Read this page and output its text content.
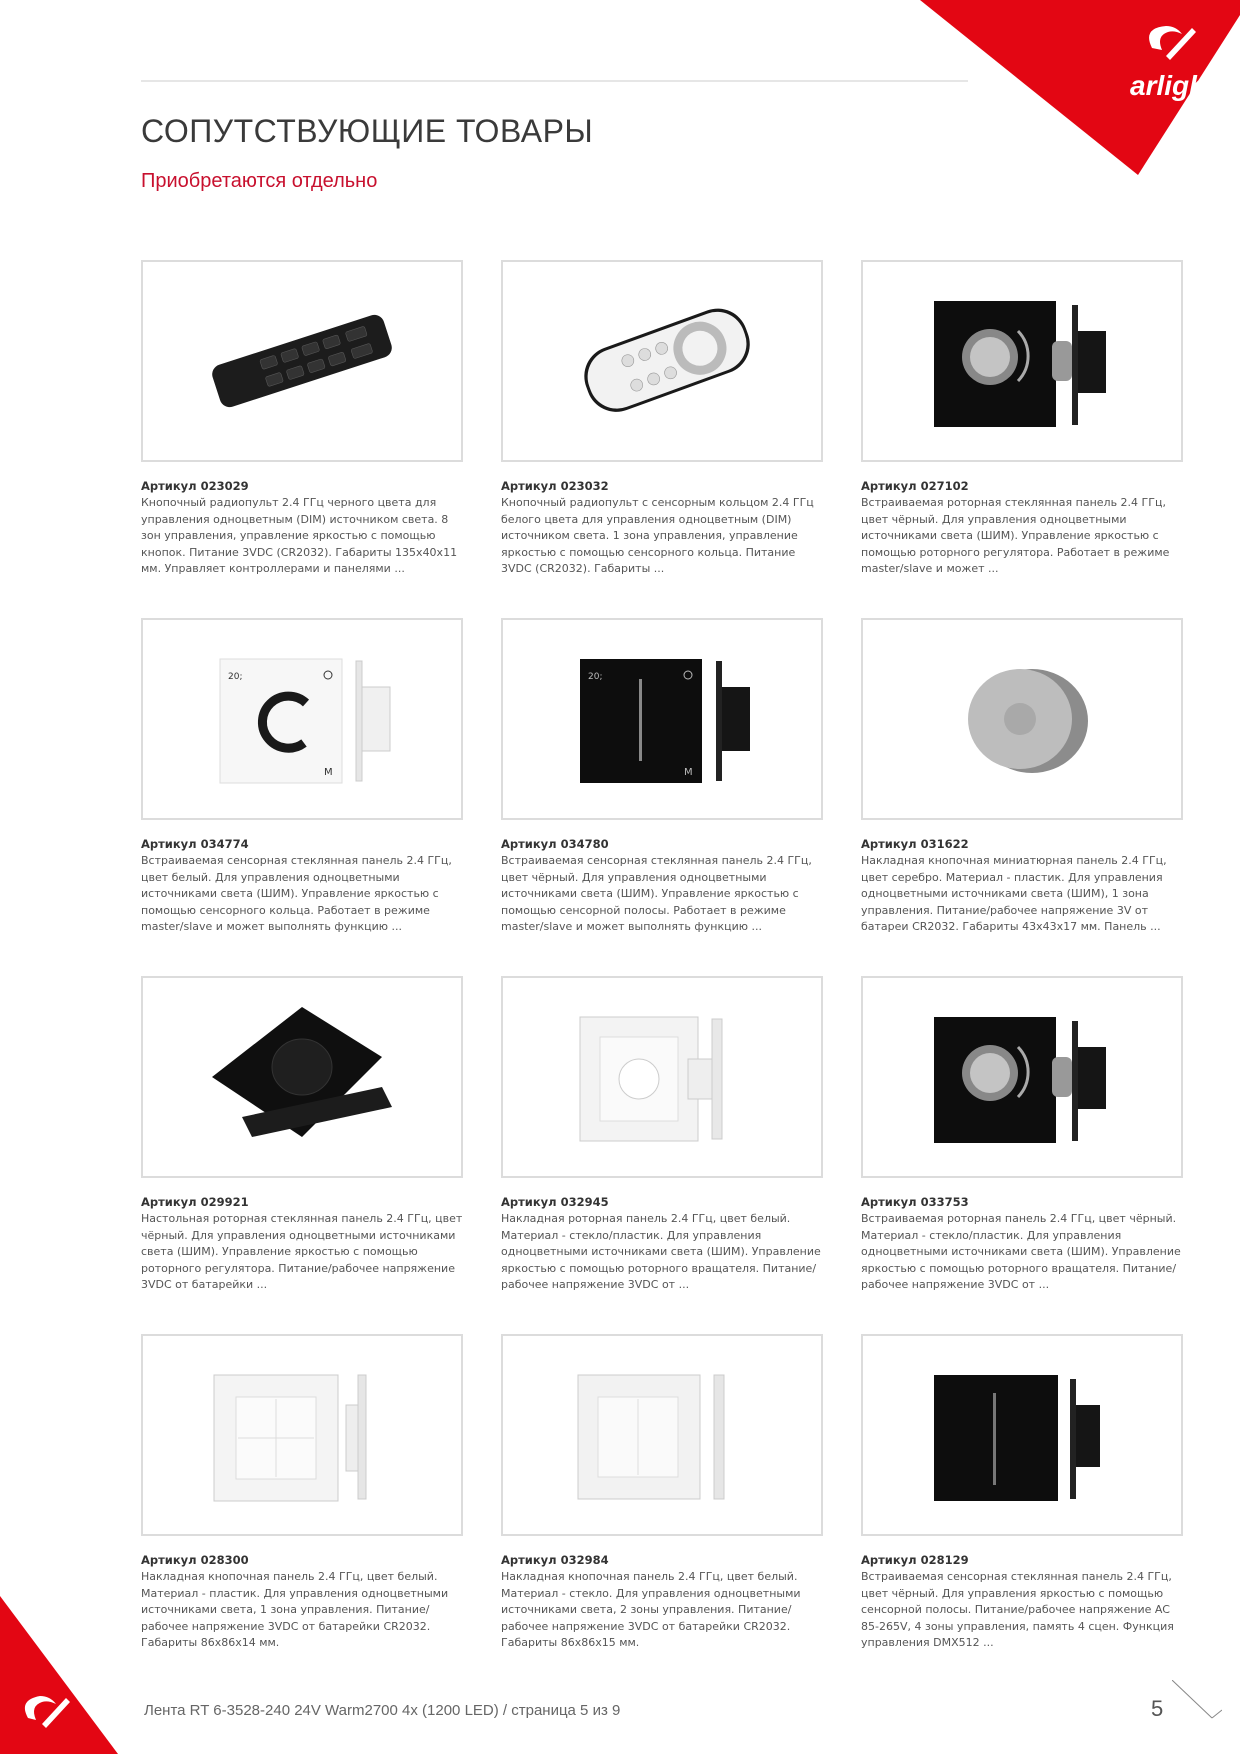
arlight
СОПУТСТВУЮЩИЕ ТОВАРЫ
Приобретаются отдельно
Артикул 023029
Кнопочный радиопульт 2.4 ГГц черного цвета для управления одноцветным (DIM) источником света. 8 зон управления, управление яркостью с помощью кнопок. Питание 3VDC (CR2032). Габариты 135x40x11 мм. Управляет контроллерами и панелями ...
Артикул 023032
Кнопочный радиопульт с сенсорным кольцом 2.4 ГГц белого цвета для управления одноцветным (DIM) источником света. 1 зона управления, управление яркостью с помощью сенсорного кольца. Питание 3VDC (CR2032). Габариты ...
Артикул 027102
Встраиваемая роторная стеклянная панель 2.4 ГГц, цвет чёрный. Для управления одноцветными источниками света (ШИМ). Управление яркостью с помощью роторного регулятора. Работает в режиме master/slave и может ...
20;
M
Артикул 034774
Встраиваемая сенсорная стеклянная панель 2.4 ГГц, цвет белый. Для управления одноцветными источниками света (ШИМ). Управление яркостью с помощью сенсорного кольца. Работает в режиме master/slave и может выполнять функцию ...
20;
M
Артикул 034780
Встраиваемая сенсорная стеклянная панель 2.4 ГГц, цвет чёрный. Для управления одноцветными источниками света (ШИМ). Управление яркостью с помощью сенсорной полосы. Работает в режиме master/slave и может выполнять функцию ...
Артикул 031622
Накладная кнопочная миниатюрная панель 2.4 ГГц, цвет серебро. Материал - пластик. Для управления одноцветными источниками света (ШИМ), 1 зона управления. Питание/рабочее напряжение 3V от батареи CR2032. Габариты 43x43x17 мм. Панель ...
Артикул 029921
Настольная роторная стеклянная панель 2.4 ГГц, цвет чёрный. Для управления одноцветными источниками света (ШИМ). Управление яркостью с помощью роторного регулятора. Питание/рабочее напряжение 3VDC от батарейки ...
Артикул 032945
Накладная роторная панель 2.4 ГГц, цвет белый. Материал - стекло/пластик. Для управления одноцветными источниками света (ШИМ). Управление яркостью с помощью роторного вращателя. Питание/рабочее напряжение 3VDC от ...
Артикул 033753
Встраиваемая роторная панель 2.4 ГГц, цвет чёрный. Материал - стекло/пластик. Для управления одноцветными источниками света (ШИМ). Управление яркостью с помощью роторного вращателя. Питание/рабочее напряжение 3VDC от ...
Артикул 028300
Накладная кнопочная панель 2.4 ГГц, цвет белый. Материал - пластик. Для управления одноцветными источниками света, 1 зона управления. Питание/рабочее напряжение 3VDC от батарейки CR2032. Габариты 86x86x14 мм.
Артикул 032984
Накладная кнопочная панель 2.4 ГГц, цвет белый. Материал - стекло. Для управления одноцветными источниками света, 2 зоны управления. Питание/рабочее напряжение 3VDC от батарейки CR2032. Габариты 86x86x15 мм.
Артикул 028129
Встраиваемая сенсорная стеклянная панель 2.4 ГГц, цвет чёрный. Для управления яркостью с помощью сенсорной полосы. Питание/рабочее напряжение AC 85-265V, 4 зоны управления, память 4 сцен. Функция управления DMX512 ...
Лента RT 6-3528-240 24V Warm2700 4x (1200 LED) / страница 5 из 9	5
